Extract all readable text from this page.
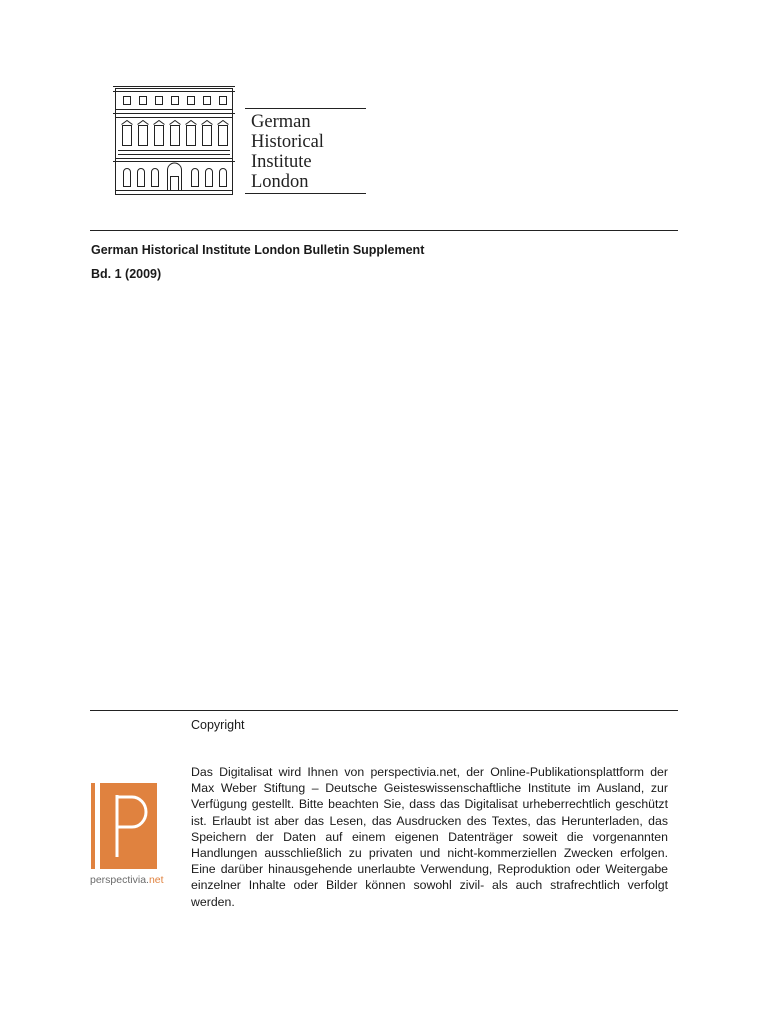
German
Historical
Institute
London
German Historical Institute London Bulletin Supplement
Bd. 1 (2009)
Copyright
Das Digitalisat wird Ihnen von perspectivia.net, der Online-Publikationsplattform der Max Weber Stiftung – Deutsche Geisteswissenschaftliche Institute im Ausland, zur Verfügung gestellt. Bitte beachten Sie, dass das Digitalisat urheberrechtlich geschützt ist. Erlaubt ist aber das Lesen, das Ausdrucken des Textes, das Herunterladen, das Speichern der Daten auf einem eigenen Datenträger soweit die vorgenannten Handlungen ausschließlich zu privaten und nicht-kommerziellen Zwecken erfolgen. Eine darüber hinausgehende unerlaubte Verwendung, Reproduktion oder Weitergabe einzelner Inhalte oder Bilder können sowohl zivil- als auch strafrechtlich verfolgt werden.
perspectivia.net
